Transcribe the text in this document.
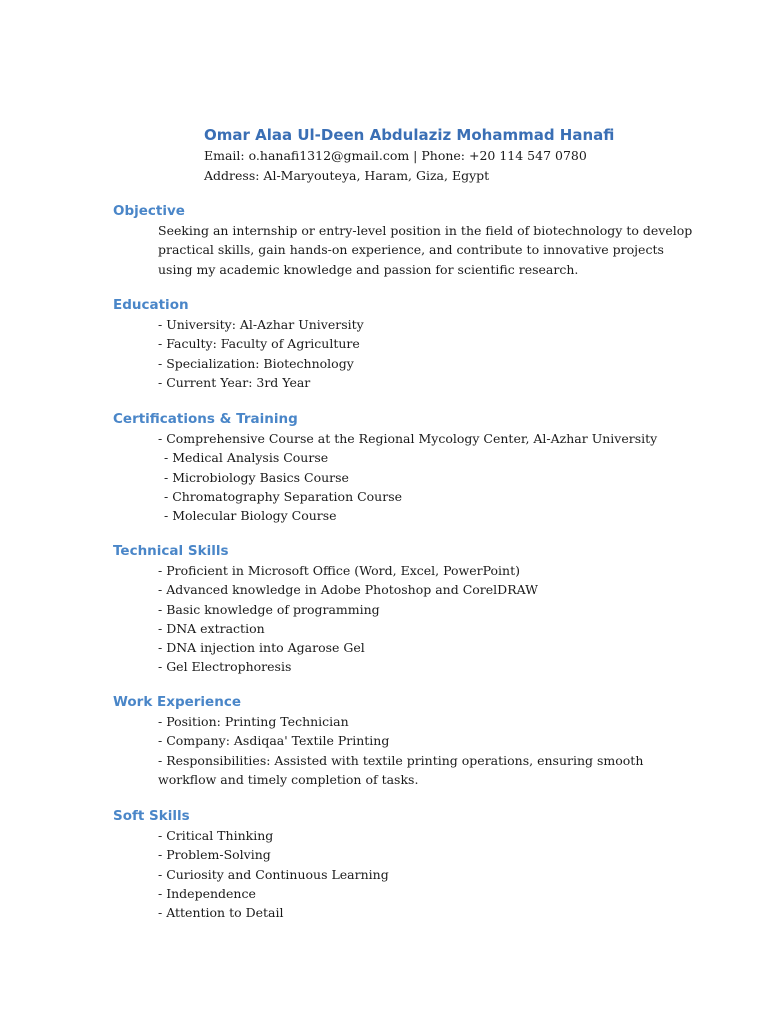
Omar Alaa Ul-Deen Abdulaziz Mohammad Hanafi
Email: o.hanafi1312@gmail.com | Phone: +20 114 547 0780
Address: Al-Maryouteya, Haram, Giza, Egypt
Objective
Seeking an internship or entry-level position in the field of biotechnology to develop
practical skills, gain hands-on experience, and contribute to innovative projects
using my academic knowledge and passion for scientific research.
Education
- University: Al-Azhar University
- Faculty: Faculty of Agriculture
- Specialization: Biotechnology
- Current Year: 3rd Year
Certifications & Training
- Comprehensive Course at the Regional Mycology Center, Al-Azhar University
- Medical Analysis Course
- Microbiology Basics Course
- Chromatography Separation Course
- Molecular Biology Course
Technical Skills
- Proficient in Microsoft Office (Word, Excel, PowerPoint)
- Advanced knowledge in Adobe Photoshop and CorelDRAW
- Basic knowledge of programming
- DNA extraction
- DNA injection into Agarose Gel
- Gel Electrophoresis
Work Experience
- Position: Printing Technician
- Company: Asdiqaa' Textile Printing
- Responsibilities: Assisted with textile printing operations, ensuring smooth
workflow and timely completion of tasks.
Soft Skills
- Critical Thinking
- Problem-Solving
- Curiosity and Continuous Learning
- Independence
- Attention to Detail
